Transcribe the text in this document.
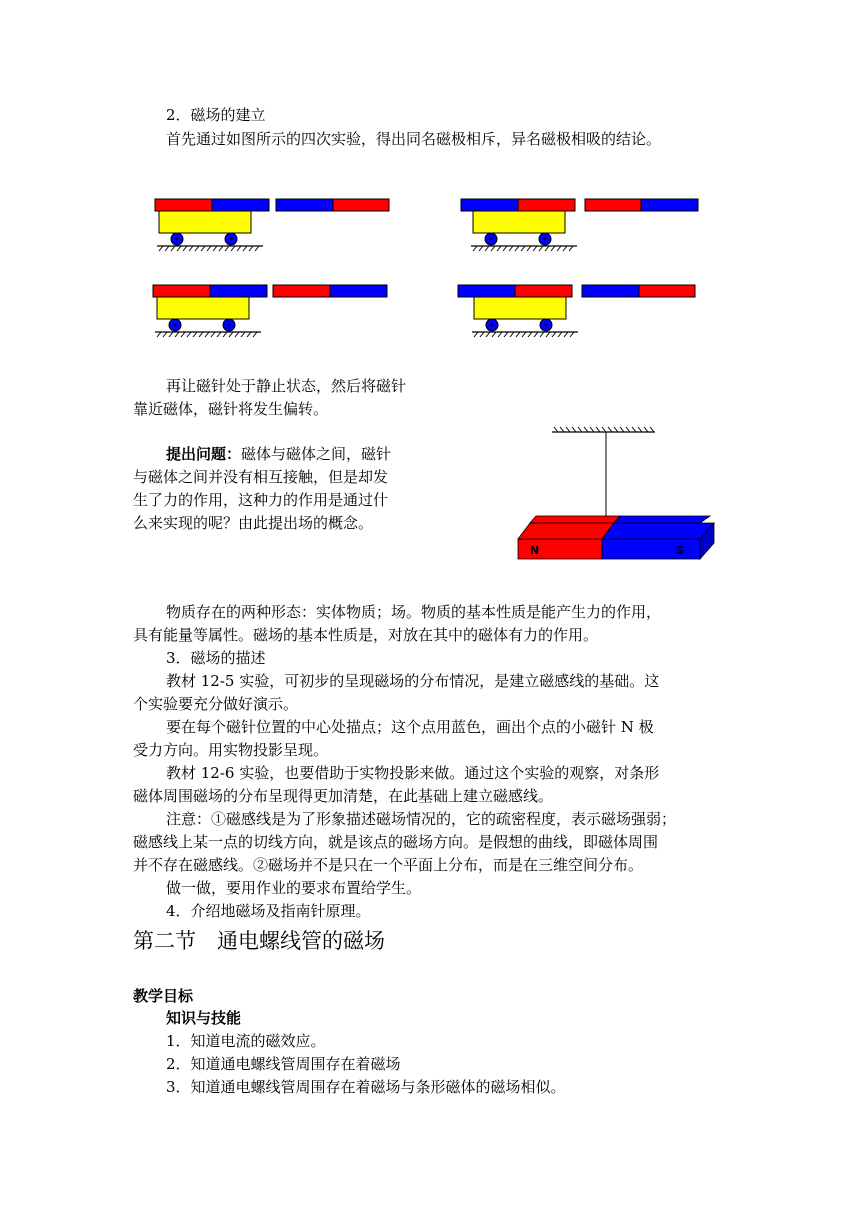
2．磁场的建立
首先通过如图所示的四次实验，得出同名磁极相斥，异名磁极相吸的结论。
再让磁针处于静止状态，然后将磁针
靠近磁体，磁针将发生偏转。
提出问题：磁体与磁体之间，磁针
与磁体之间并没有相互接触，但是却发
生了力的作用，这种力的作用是通过什
么来实现的呢？由此提出场的概念。
N	S
物质存在的两种形态：实体物质；场。物质的基本性质是能产生力的作用，
具有能量等属性。磁场的基本性质是，对放在其中的磁体有力的作用。
3．磁场的描述
教材 12-5 实验，可初步的呈现磁场的分布情况，是建立磁感线的基础。这
个实验要充分做好演示。
要在每个磁针位置的中心处描点；这个点用蓝色，画出个点的小磁针 N 极
受力方向。用实物投影呈现。
教材 12-6 实验，也要借助于实物投影来做。通过这个实验的观察，对条形
磁体周围磁场的分布呈现得更加清楚，在此基础上建立磁感线。
注意：①磁感线是为了形象描述磁场情况的，它的疏密程度，表示磁场强弱；
磁感线上某一点的切线方向，就是该点的磁场方向。是假想的曲线，即磁体周围
并不存在磁感线。②磁场并不是只在一个平面上分布，而是在三维空间分布。
做一做，要用作业的要求布置给学生。
4．介绍地磁场及指南针原理。
第二节　通电螺线管的磁场
教学目标
知识与技能
1．知道电流的磁效应。
2．知道通电螺线管周围存在着磁场
3．知道通电螺线管周围存在着磁场与条形磁体的磁场相似。
